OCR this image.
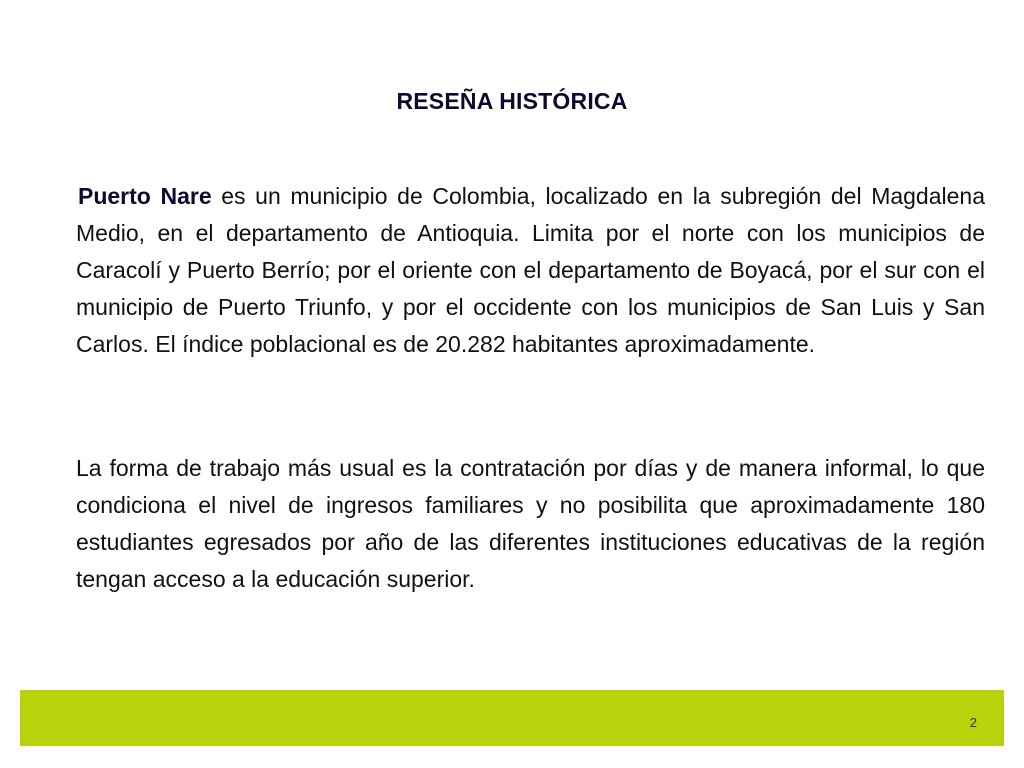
RESEÑA HISTÓRICA
Puerto Nare es un municipio de Colombia, localizado en la subregión del Magdalena Medio, en el departamento de Antioquia. Limita por el norte con los municipios de Caracolí y Puerto Berrío; por el oriente con el departamento de Boyacá, por el sur con el municipio de Puerto Triunfo, y por el occidente con los municipios de San Luis y San Carlos. El índice poblacional es de 20.282 habitantes aproximadamente.
La forma de trabajo más usual es la contratación por días y de manera informal, lo que condiciona el nivel de ingresos familiares y no posibilita que aproximadamente 180 estudiantes egresados por año de las diferentes instituciones educativas de la región tengan acceso a la educación superior.
2
